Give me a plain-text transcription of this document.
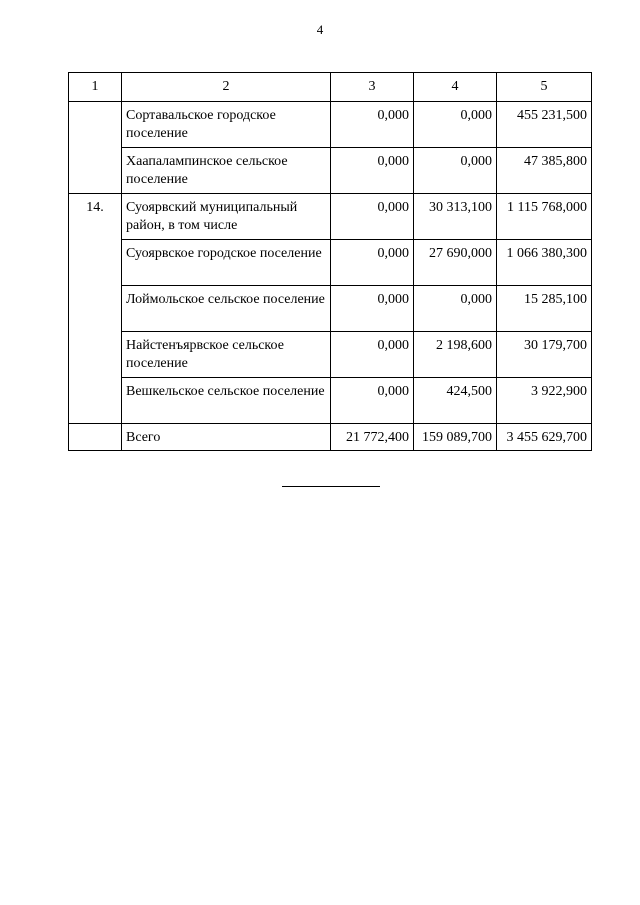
4
1	2	3	4	5
	Сортавальское городское поселение	0,000	0,000	455 231,500
	Хаапалампинское сельское поселение	0,000	0,000	47 385,800
14.	Суоярвский муниципальный район, в том числе	0,000	30 313,100	1 115 768,000
	Суоярвское городское поселение	0,000	27 690,000	1 066 380,300
	Лоймольское сельское поселение	0,000	0,000	15 285,100
	Найстенъярвское сельское поселение	0,000	2 198,600	30 179,700
	Вешкельское сельское поселение	0,000	424,500	3 922,900
	Всего	21 772,400	159 089,700	3 455 629,700
